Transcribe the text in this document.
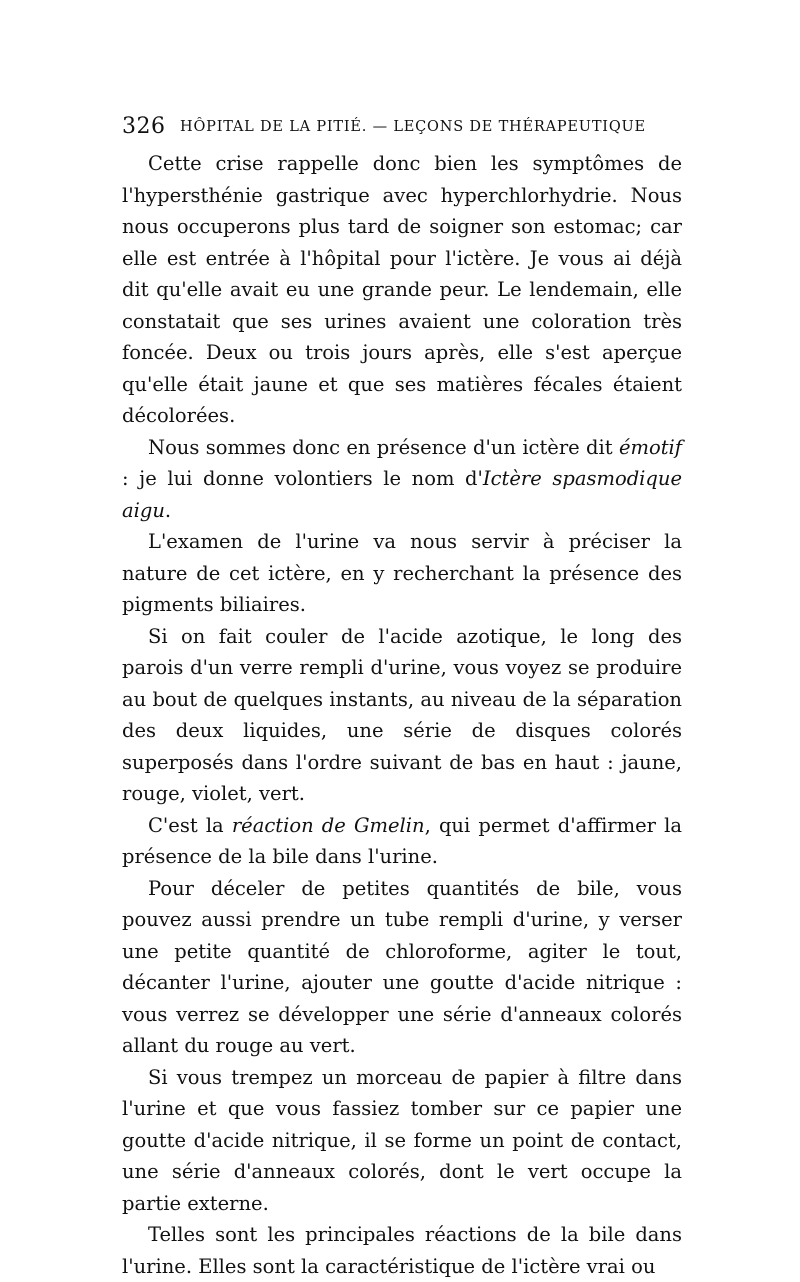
326 HÔPITAL DE LA PITIÉ. — LEÇONS DE THÉRAPEUTIQUE

Cette crise rappelle donc bien les symptômes de l'hypersthénie gastrique avec hyperchlorhydrie. Nous nous occuperons plus tard de soigner son estomac; car elle est entrée à l'hôpital pour l'ictère. Je vous ai déjà dit qu'elle avait eu une grande peur. Le lendemain, elle constatait que ses urines avaient une coloration très foncée. Deux ou trois jours après, elle s'est aperçue qu'elle était jaune et que ses matières fécales étaient décolorées.

Nous sommes donc en présence d'un ictère dit émotif : je lui donne volontiers le nom d'Ictère spasmodique aigu.

L'examen de l'urine va nous servir à préciser la nature de cet ictère, en y recherchant la présence des pigments biliaires.

Si on fait couler de l'acide azotique, le long des parois d'un verre rempli d'urine, vous voyez se produire au bout de quelques instants, au niveau de la séparation des deux liquides, une série de disques colorés superposés dans l'ordre suivant de bas en haut : jaune, rouge, violet, vert.

C'est la réaction de Gmelin, qui permet d'affirmer la présence de la bile dans l'urine.

Pour déceler de petites quantités de bile, vous pouvez aussi prendre un tube rempli d'urine, y verser une petite quantité de chloroforme, agiter le tout, décanter l'urine, ajouter une goutte d'acide nitrique : vous verrez se développer une série d'anneaux colorés allant du rouge au vert.

Si vous trempez un morceau de papier à filtre dans l'urine et que vous fassiez tomber sur ce papier une goutte d'acide nitrique, il se forme un point de contact, une série d'anneaux colorés, dont le vert occupe la partie externe.

Telles sont les principales réactions de la bile dans l'urine. Elles sont la caractéristique de l'ictère vrai ou
